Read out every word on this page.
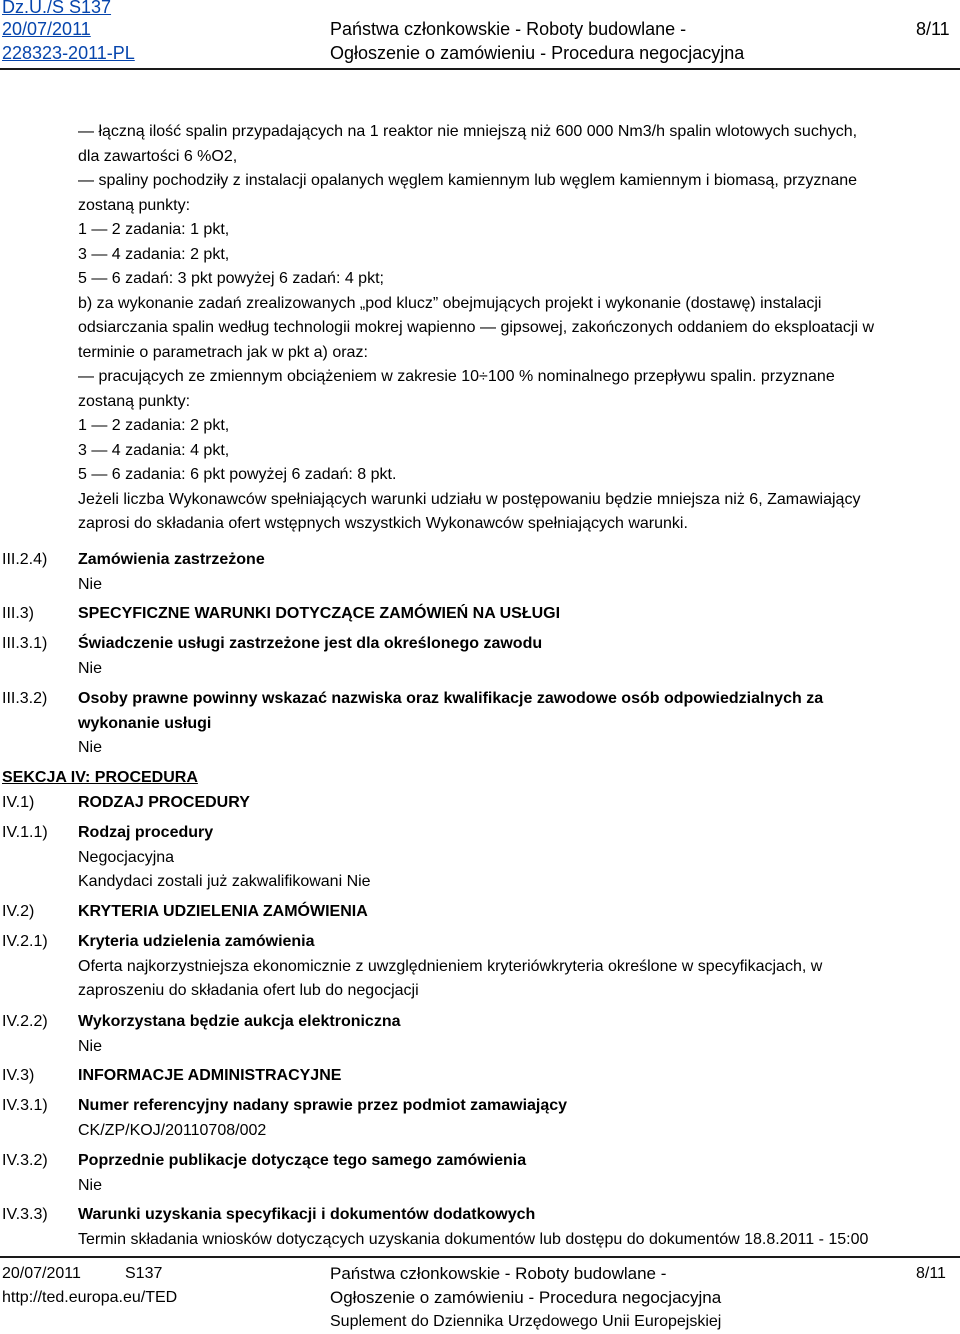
Dz.U./S S137
20/07/2011
228323-2011-PL
Państwa członkowskie - Roboty budowlane -
Ogłoszenie o zamówieniu - Procedura negocjacyjna
8/11

— łączną ilość spalin przypadających na 1 reaktor nie mniejszą niż 600 000 Nm3/h spalin wlotowych suchych,

dla zawartości 6 %O2,

— spaliny pochodziły z instalacji opalanych węglem kamiennym lub węglem kamiennym i biomasą, przyznane

zostaną punkty:

1 — 2 zadania: 1 pkt,

3 — 4 zadania: 2 pkt,

5 — 6 zadań: 3 pkt powyżej 6 zadań: 4 pkt;

b) za wykonanie zadań zrealizowanych „pod klucz” obejmujących projekt i wykonanie (dostawę) instalacji

odsiarczania spalin według technologii mokrej wapienno — gipsowej, zakończonych oddaniem do eksploatacji w

terminie o parametrach jak w pkt a) oraz:

— pracujących ze zmiennym obciążeniem w zakresie 10÷100 % nominalnego przepływu spalin. przyznane

zostaną punkty:

1 — 2 zadania: 2 pkt,

3 — 4 zadania: 4 pkt,

5 — 6 zadania: 6 pkt powyżej 6 zadań: 8 pkt.

Jeżeli liczba Wykonawców spełniających warunki udziału w postępowaniu będzie mniejsza niż 6, Zamawiający

zaprosi do składania ofert wstępnych wszystkich Wykonawców spełniających warunki.

III.2.4) Zamówienia zastrzeżone
Nie
III.3)	SPECYFICZNE WARUNKI DOTYCZĄCE ZAMÓWIEŃ NA USŁUGI
III.3.1) Świadczenie usługi zastrzeżone jest dla określonego zawodu
Nie
III.3.2) Osoby prawne powinny wskazać nazwiska oraz kwalifikacje zawodowe osób odpowiedzialnych za
wykonanie usługi
Nie
SEKCJA IV: PROCEDURA
IV.1)	RODZAJ PROCEDURY
IV.1.1) Rodzaj procedury
Negocjacyjna
Kandydaci zostali już zakwalifikowani Nie
IV.2)	KRYTERIA UDZIELENIA ZAMÓWIENIA
IV.2.1) Kryteria udzielenia zamówienia
Oferta najkorzystniejsza ekonomicznie z uwzględnieniem kryteriówkryteria określone w specyfikacjach, w
zaproszeniu do składania ofert lub do negocjacji
IV.2.2) Wykorzystana będzie aukcja elektroniczna
Nie
IV.3)	INFORMACJE ADMINISTRACYJNE
IV.3.1) Numer referencyjny nadany sprawie przez podmiot zamawiający
CK/ZP/KOJ/20110708/002
IV.3.2) Poprzednie publikacje dotyczące tego samego zamówienia
Nie
IV.3.3) Warunki uzyskania specyfikacji i dokumentów dodatkowych
Termin składania wniosków dotyczących uzyskania dokumentów lub dostępu do dokumentów 18.8.2011 - 15:00
20/07/2011	S137
http://ted.europa.eu/TED
Państwa członkowskie - Roboty budowlane -
Ogłoszenie o zamówieniu - Procedura negocjacyjna
Suplement do Dziennika Urzędowego Unii Europejskiej
8/11
